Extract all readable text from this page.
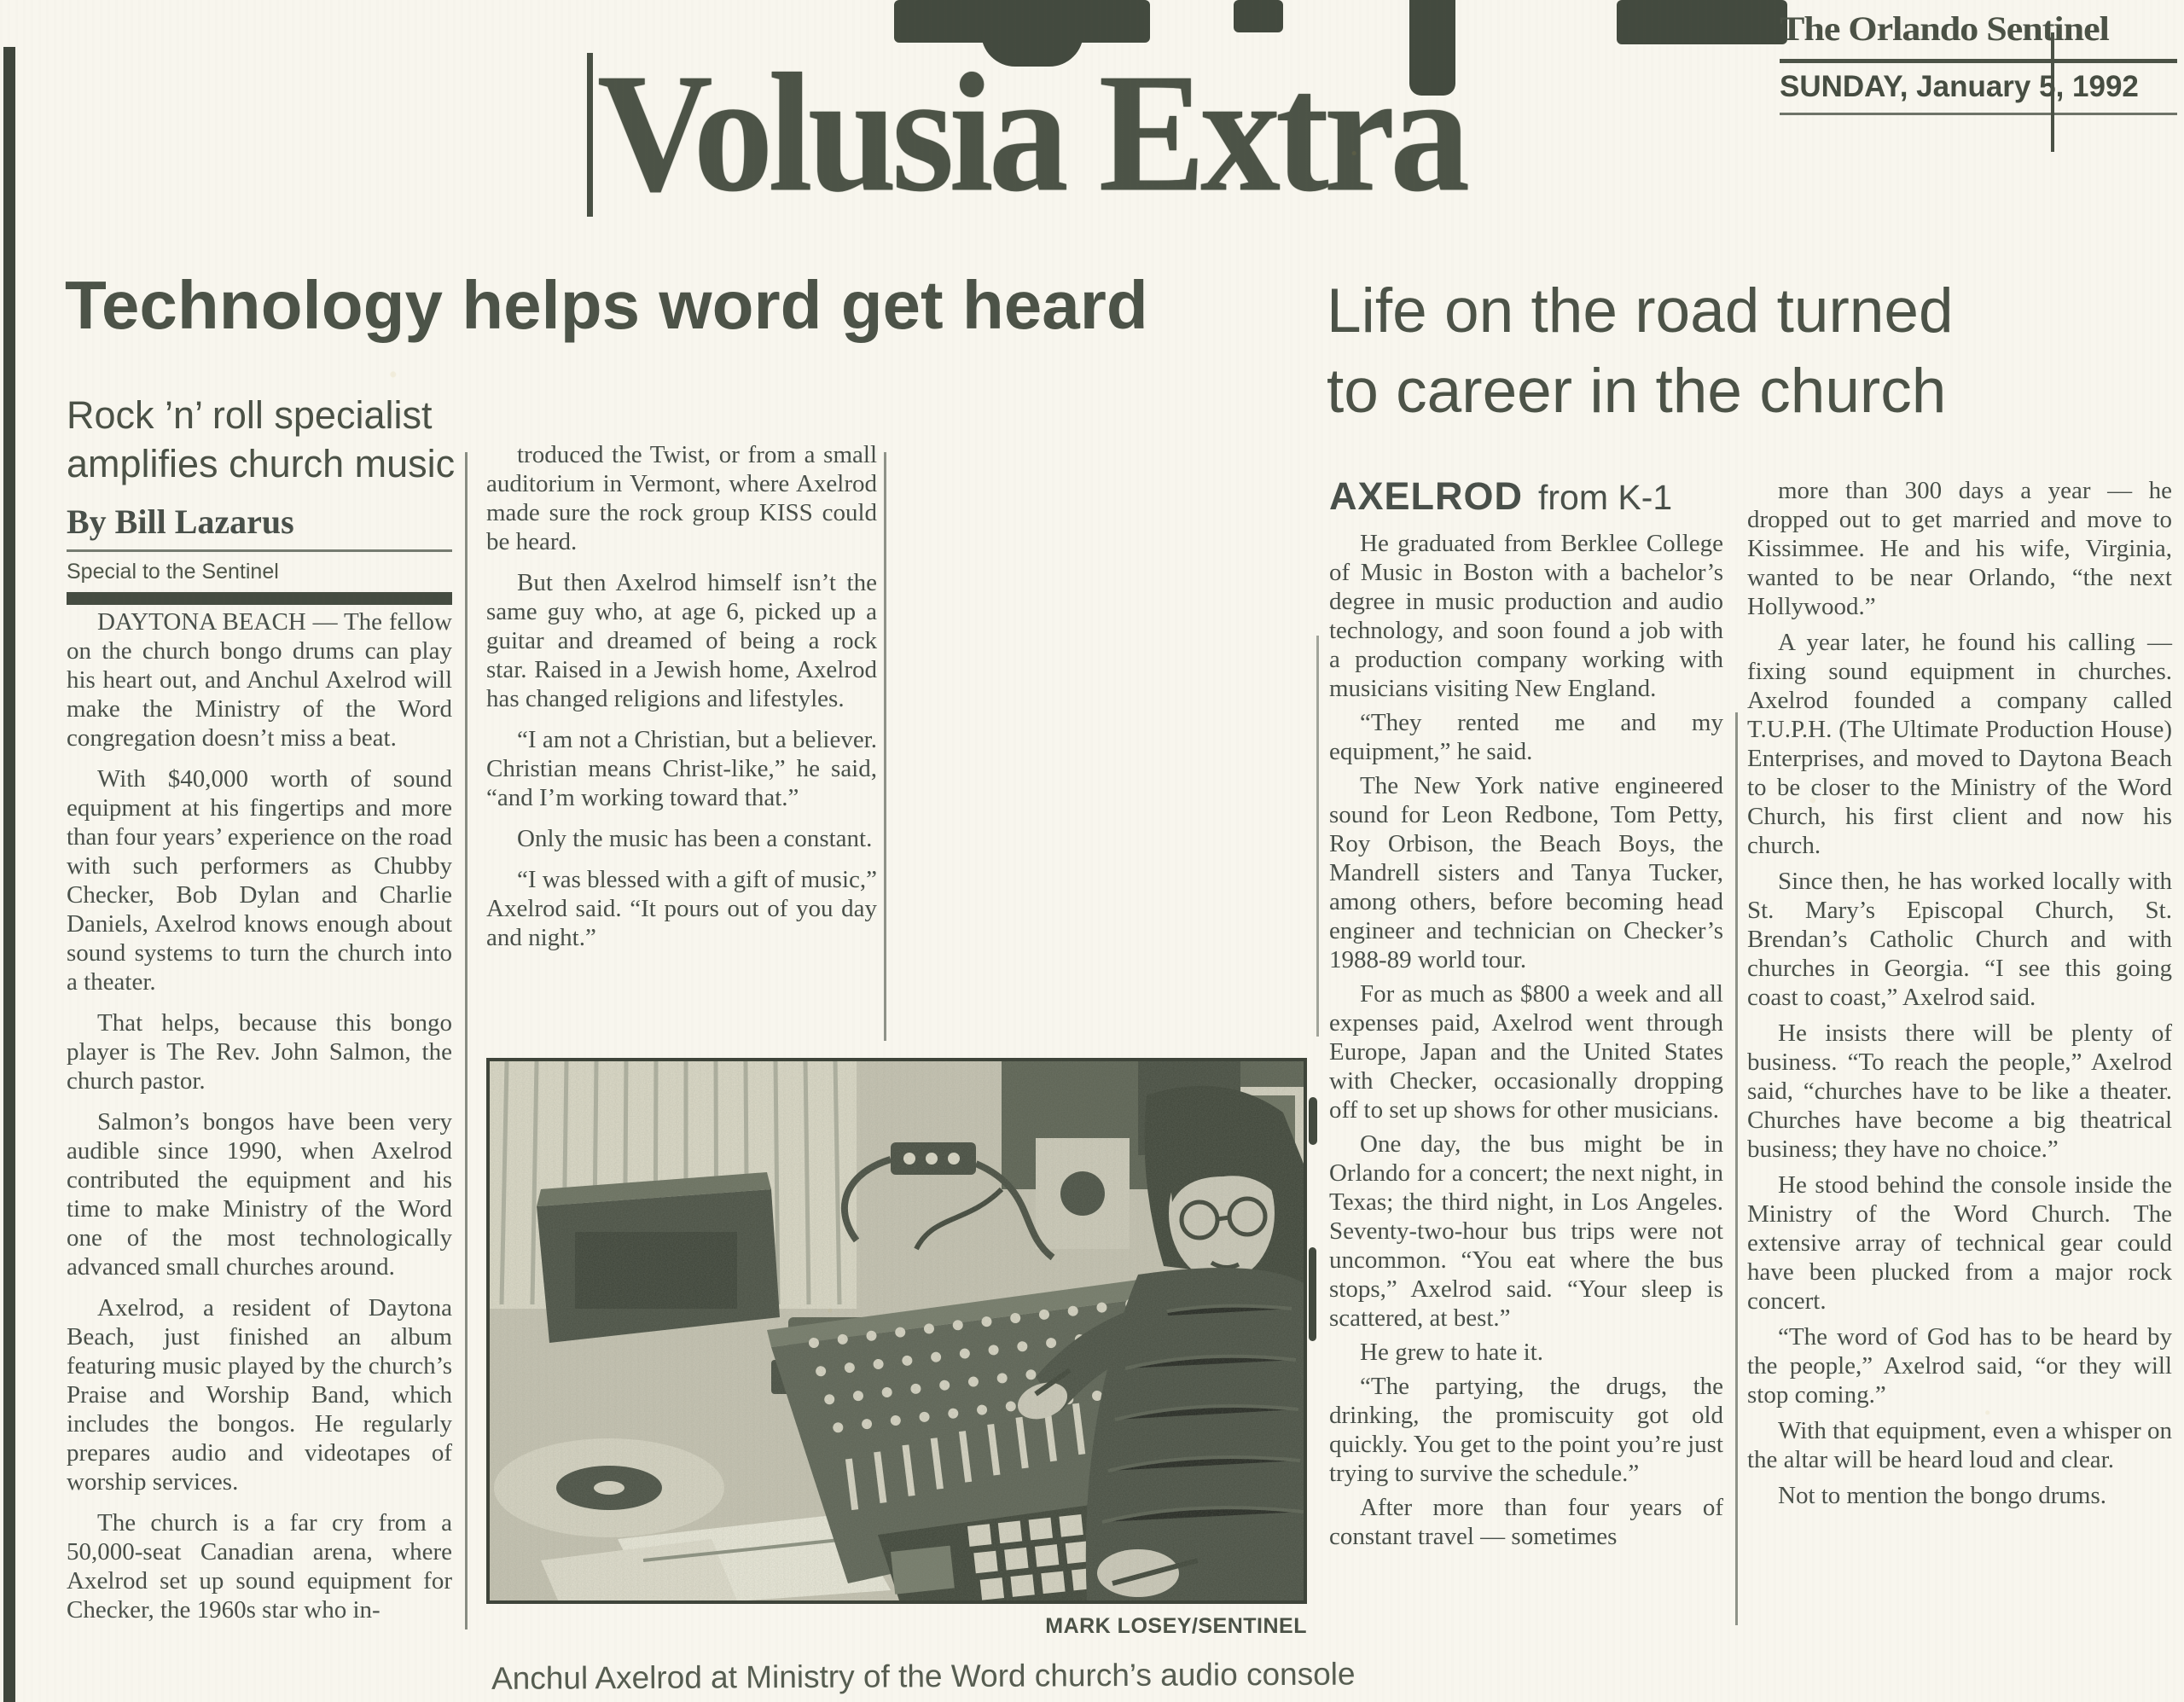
Volusia Extra
The Orlando Sentinel
SUNDAY, January 5, 1992
Technology helps word get heard
Rock ’n’ roll specialist
amplifies church music
By Bill Lazarus
Special to the Sentinel

DAYTONA BEACH — The fellow on the church bongo drums can play his heart out, and Anchul Axelrod will make the Ministry of the Word congregation doesn’t miss a beat.

With $40,000 worth of sound equipment at his fingertips and more than four years’ experience on the road with such performers as Chubby Checker, Bob Dylan and Charlie Daniels, Axelrod knows enough about sound systems to turn the church into a theater.

That helps, because this bongo player is The Rev. John Salmon, the church pastor.

Salmon’s bongos have been very audible since 1990, when Axelrod contributed the equipment and his time to make Ministry of the Word one of the most technologically advanced small churches around.

Axelrod, a resident of Daytona Beach, just finished an album featuring music played by the church’s Praise and Worship Band, which includes the bongos. He regularly prepares audio and videotapes of worship services.

The church is a far cry from a 50,000-seat Canadian arena, where Axelrod set up sound equipment for Checker, the 1960s star who in-

troduced the Twist, or from a small auditorium in Vermont, where Axelrod made sure the rock group KISS could be heard.

But then Axelrod himself isn’t the same guy who, at age 6, picked up a guitar and dreamed of being a rock star. Raised in a Jewish home, Axelrod has changed religions and lifestyles.

“I am not a Christian, but a believer. Christian means Christ-like,” he said, “and I’m working toward that.”

Only the music has been a constant.

“I was blessed with a gift of music,” Axelrod said. “It pours out of you day and night.”

MARK LOSEY/SENTINEL
Anchul Axelrod at Ministry of the Word church’s audio console
Life on the road turned
to career in the church
AXELROD from K-1

He graduated from Berklee College of Music in Boston with a bachelor’s degree in music production and audio technology, and soon found a job with a production company working with musicians visiting New England.

“They rented me and my equipment,” he said.

The New York native engineered sound for Leon Redbone, Tom Petty, Roy Orbison, the Beach Boys, the Mandrell sisters and Tanya Tucker, among others, before becoming head engineer and technician on Checker’s 1988-89 world tour.

For as much as $800 a week and all expenses paid, Axelrod went through Europe, Japan and the United States with Checker, occasionally dropping off to set up shows for other musicians.

One day, the bus might be in Orlando for a concert; the next night, in Texas; the third night, in Los Angeles. Seventy-two-hour bus trips were not uncommon. “You eat where the bus stops,” Axelrod said. “Your sleep is scattered, at best.”

He grew to hate it.

“The partying, the drugs, the drinking, the promiscuity got old quickly. You get to the point you’re just trying to survive the schedule.”

After more than four years of constant travel — sometimes

more than 300 days a year — he dropped out to get married and move to Kissimmee. He and his wife, Virginia, wanted to be near Orlando, “the next Hollywood.”

A year later, he found his calling — fixing sound equipment in churches. Axelrod founded a company called T.U.P.H. (The Ultimate Production House) Enterprises, and moved to Daytona Beach to be closer to the Ministry of the Word Church, his first client and now his church.

Since then, he has worked locally with St. Mary’s Episcopal Church, St. Brendan’s Catholic Church and with churches in Georgia. “I see this going coast to coast,” Axelrod said.

He insists there will be plenty of business. “To reach the people,” Axelrod said, “churches have to be like a theater. Churches have become a big theatrical business; they have no choice.”

He stood behind the console inside the Ministry of the Word Church. The extensive array of technical gear could have been plucked from a major rock concert.

“The word of God has to be heard by the people,” Axelrod said, “or they will stop coming.”

With that equipment, even a whisper on the altar will be heard loud and clear.

Not to mention the bongo drums.
